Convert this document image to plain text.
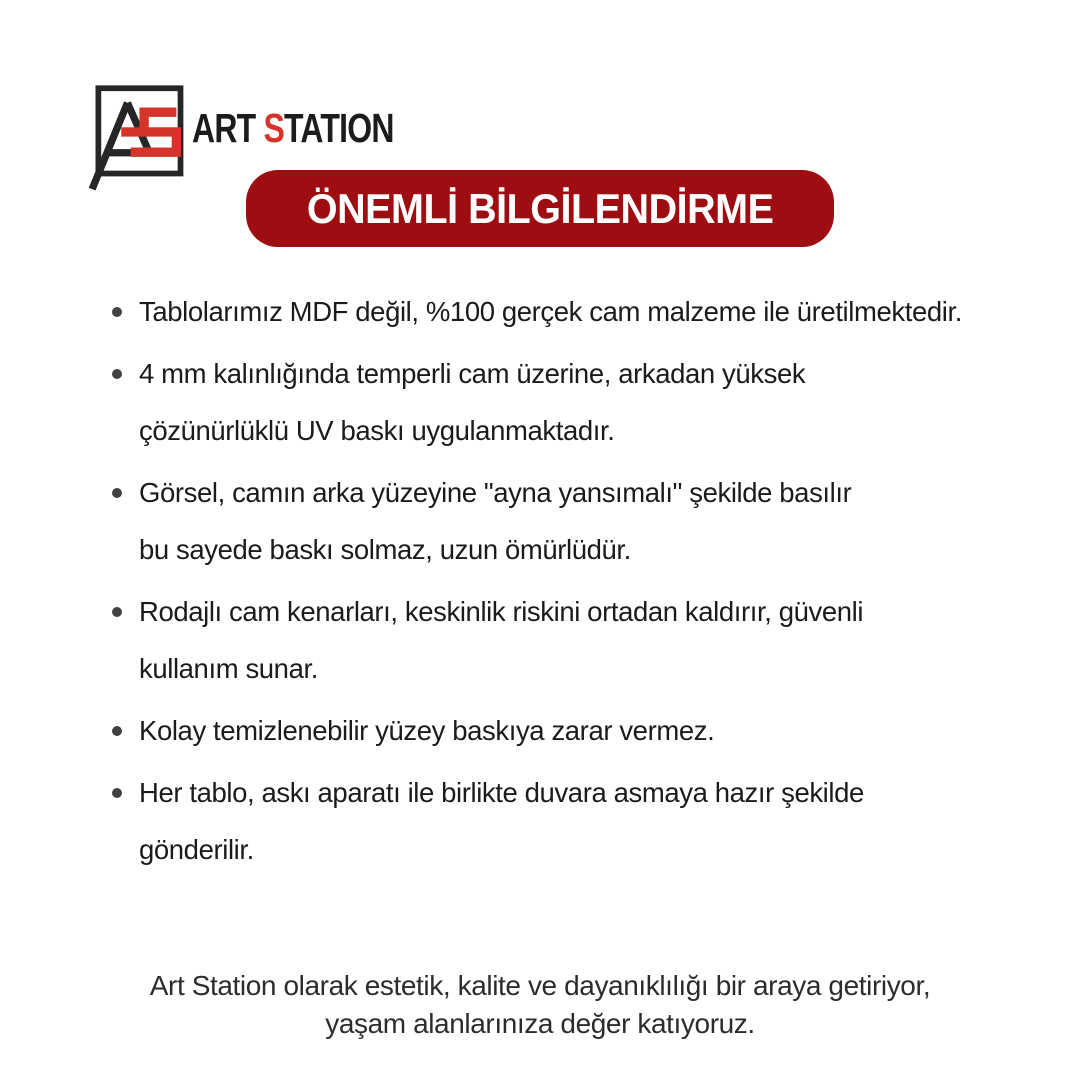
ART STATION
ÖNEMLİ BİLGİLENDİRME
Tablolarımız MDF değil, %100 gerçek cam malzeme ile üretilmektedir.
4 mm kalınlığında temperli cam üzerine, arkadan yüksek
çözünürlüklü UV baskı uygulanmaktadır.
Görsel, camın arka yüzeyine "ayna yansımalı" şekilde basılır
bu sayede baskı solmaz, uzun ömürlüdür.
Rodajlı cam kenarları, keskinlik riskini ortadan kaldırır, güvenli
kullanım sunar.
Kolay temizlenebilir yüzey baskıya zarar vermez.
Her tablo, askı aparatı ile birlikte duvara asmaya hazır şekilde
gönderilir.
Art Station olarak estetik, kalite ve dayanıklılığı bir araya getiriyor,
yaşam alanlarınıza değer katıyoruz.
